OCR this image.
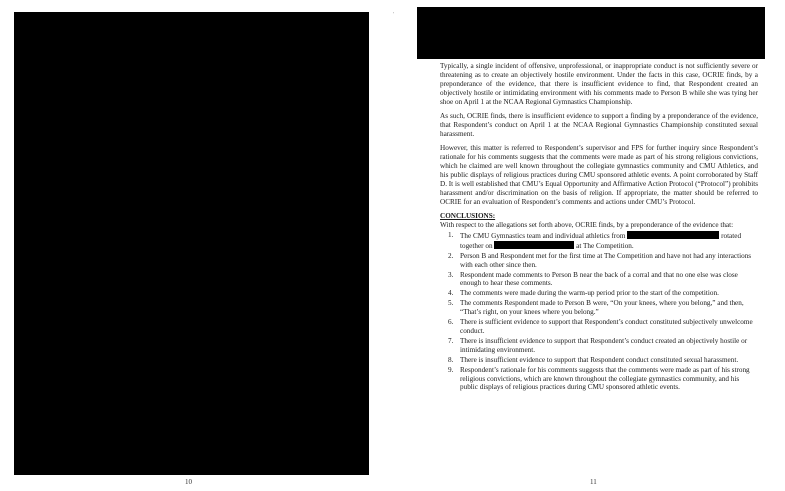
10
'

Typically, a single incident of offensive, unprofessional, or inappropriate conduct is not sufficiently severe or threatening as to create an objectively hostile environment. Under the facts in this case, OCRIE finds, by a preponderance of the evidence, that there is insufficient evidence to find, that Respondent created an objectively hostile or intimidating environment with his comments made to Person B while she was tying her shoe on April 1 at the NCAA Regional Gymnastics Championship.

As such, OCRIE finds, there is insufficient evidence to support a finding by a preponderance of the evidence, that Respondent’s conduct on April 1 at the NCAA Regional Gymnastics Championship constituted sexual harassment.

However, this matter is referred to Respondent’s supervisor and FPS for further inquiry since Respondent’s rationale for his comments suggests that the comments were made as part of his strong religious convictions, which he claimed are well known throughout the collegiate gymnastics community and CMU Athletics, and his public displays of religious practices during CMU sponsored athletic events. A point corroborated by Staff D. It is well established that CMU’s Equal Opportunity and Affirmative Action Protocol (“Protocol”) prohibits harassment and/or discrimination on the basis of religion. If appropriate, the matter should be referred to OCRIE for an evaluation of Respondent’s comments and actions under CMU’s Protocol.

CONCLUSIONS:

With respect to the allegations set forth above, OCRIE finds, by a preponderance of the evidence that:

1. The CMU Gymnastics team and individual athletics from	rotated together on	at The Competition.
2. Person B and Respondent met for the first time at The Competition and have not had any interactions with each other since then.
3. Respondent made comments to Person B near the back of a corral and that no one else was close enough to hear these comments.
4. The comments were made during the warm-up period prior to the start of the competition.
5. The comments Respondent made to Person B were, “On your knees, where you belong,” and then, “That’s right, on your knees where you belong.”
6. There is sufficient evidence to support that Respondent’s conduct constituted subjectively unwelcome conduct.
7. There is insufficient evidence to support that Respondent’s conduct created an objectively hostile or intimidating environment.
8. There is insufficient evidence to support that Respondent conduct constituted sexual harassment.
9. Respondent’s rationale for his comments suggests that the comments were made as part of his strong religious convictions, which are known throughout the collegiate gymnastics community, and his public displays of religious practices during CMU sponsored athletic events.
11
